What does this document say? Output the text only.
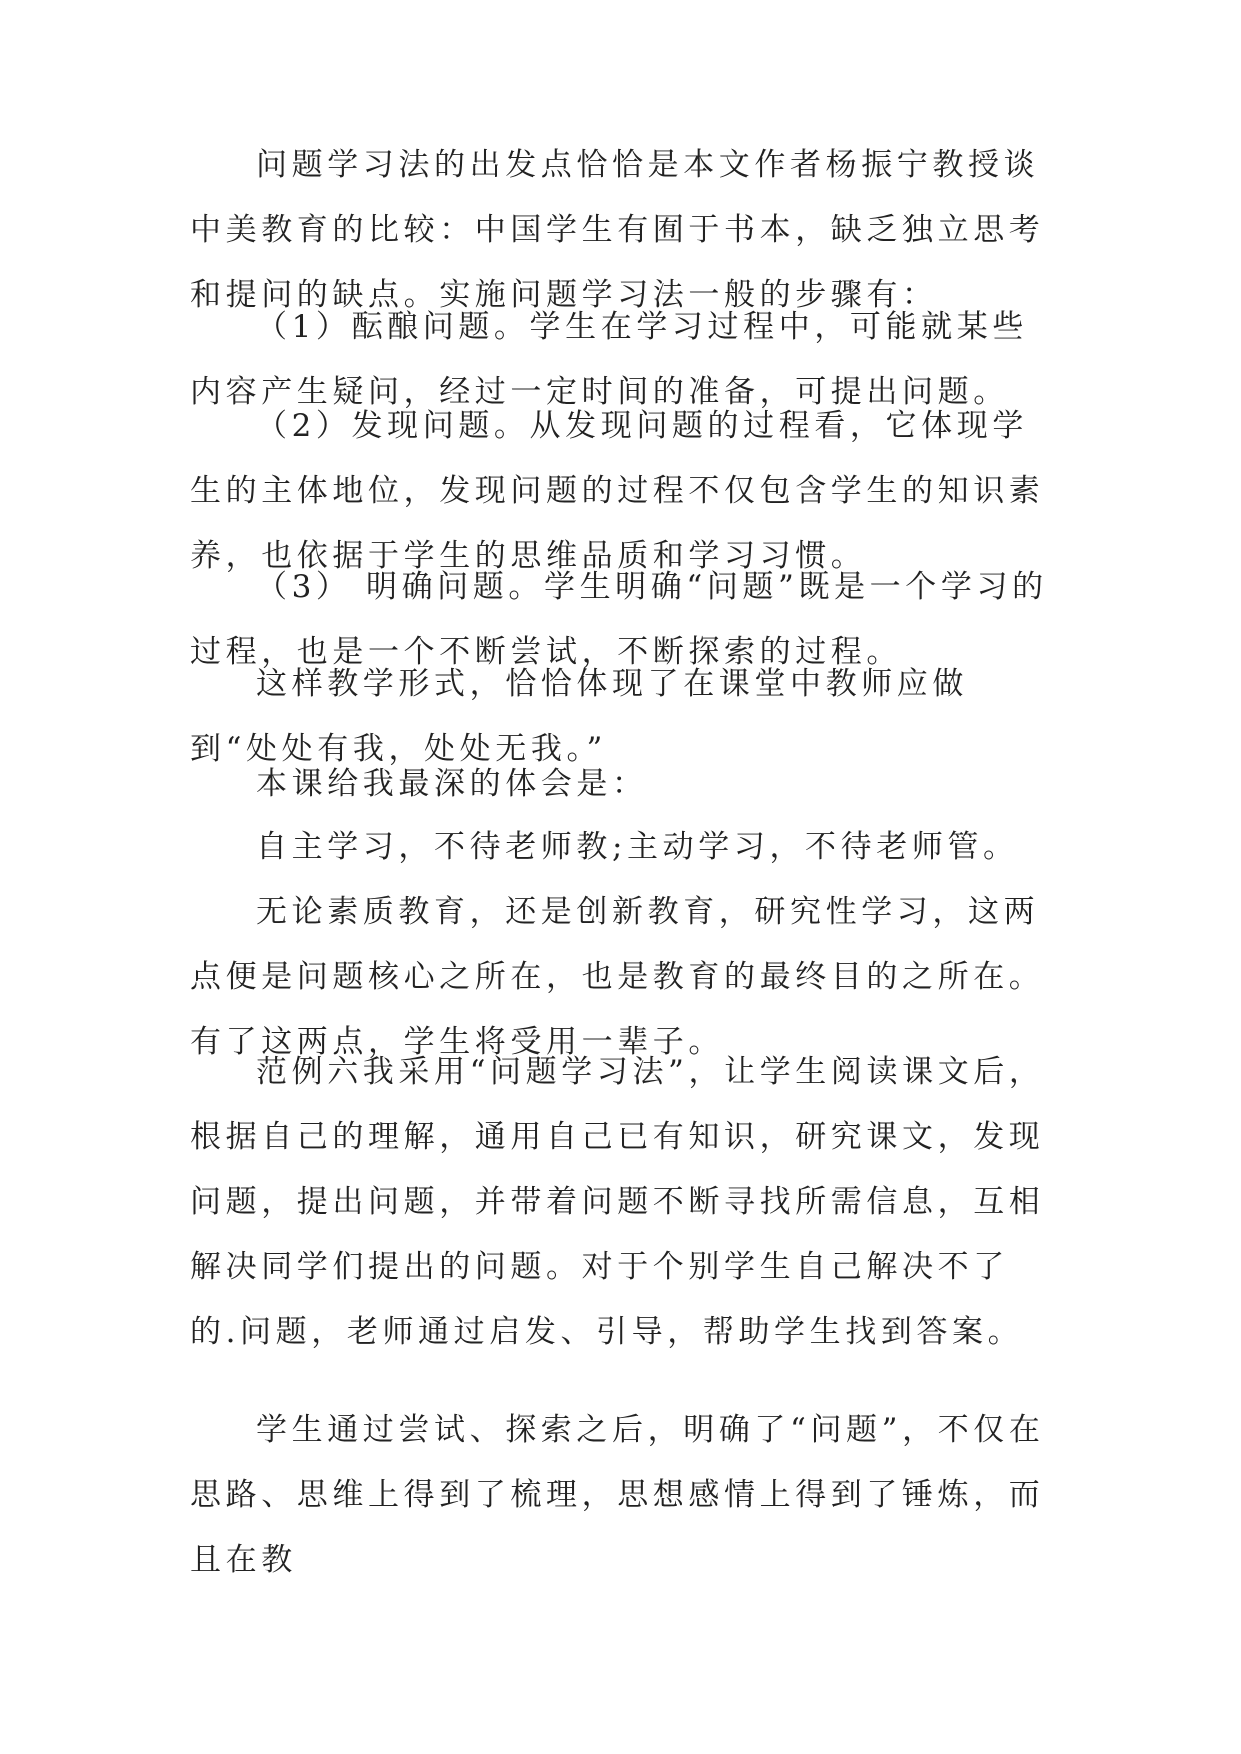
问题学习法的出发点恰恰是本文作者杨振宁教授谈中美教育的比较：中国学生有囿于书本，缺乏独立思考和提问的缺点。实施问题学习法一般的步骤有：

（1）酝酿问题。学生在学习过程中，可能就某些内容产生疑问，经过一定时间的准备，可提出问题。

（2）发现问题。从发现问题的过程看，它体现学生的主体地位，发现问题的过程不仅包含学生的知识素养，也依据于学生的思维品质和学习习惯。

（3） 明确问题。学生明确“问题”既是一个学习的过程，也是一个不断尝试，不断探索的过程。

这样教学形式，恰恰体现了在课堂中教师应做到“处处有我，处处无我。”

本课给我最深的体会是：

自主学习，不待老师教;主动学习，不待老师管。

无论素质教育，还是创新教育，研究性学习，这两点便是问题核心之所在，也是教育的最终目的之所在。有了这两点，学生将受用一辈子。

范例六我采用“问题学习法”，让学生阅读课文后，根据自己的理解，通用自己已有知识，研究课文，发现问题，提出问题，并带着问题不断寻找所需信息，互相解决同学们提出的问题。对于个别学生自己解决不了的.问题，老师通过启发、引导，帮助学生找到答案。

学生通过尝试、探索之后，明确了“问题”，不仅在思路、思维上得到了梳理，思想感情上得到了锤炼，而且在教
